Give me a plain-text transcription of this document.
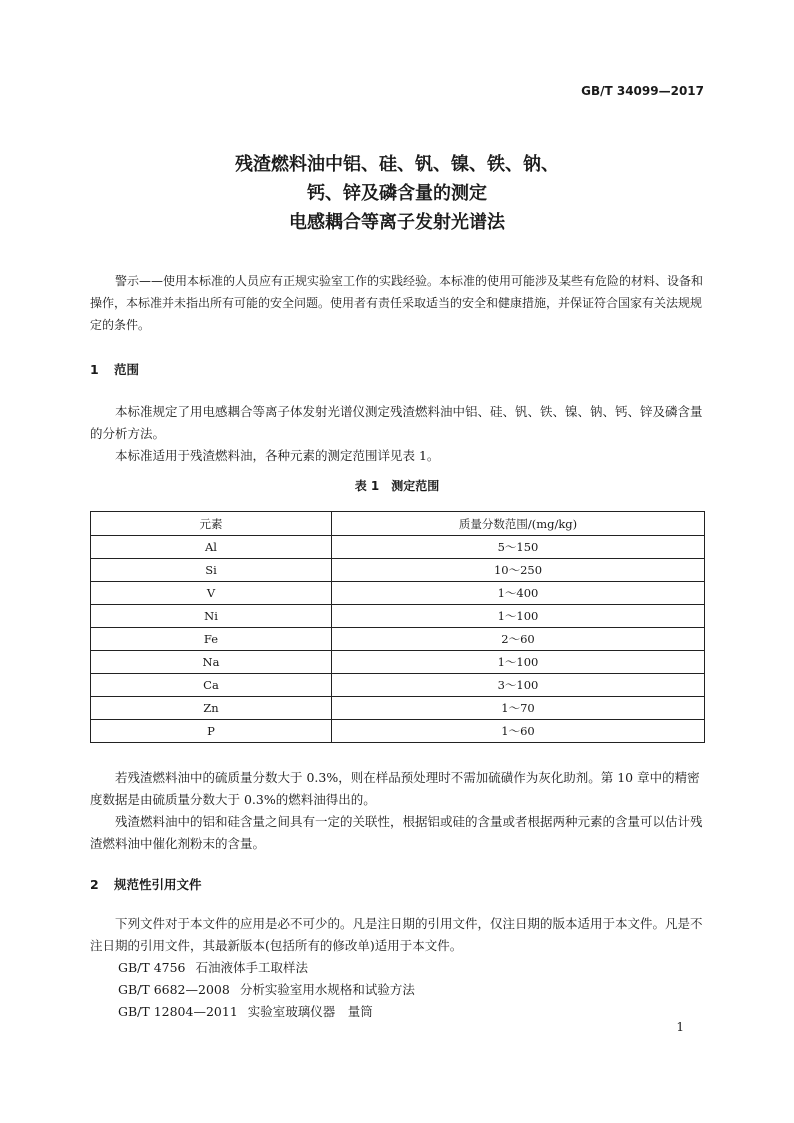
GB/T 34099—2017
残渣燃料油中铝、硅、钒、镍、铁、钠、
钙、锌及磷含量的测定
电感耦合等离子发射光谱法

警示——使用本标准的人员应有正规实验室工作的实践经验。本标准的使用可能涉及某些有危险的材料、设备和操作，本标准并未指出所有可能的安全问题。使用者有责任采取适当的安全和健康措施，并保证符合国家有关法规规定的条件。

1 范围

本标准规定了用电感耦合等离子体发射光谱仪测定残渣燃料油中铝、硅、钒、铁、镍、钠、钙、锌及磷含量的分析方法。

本标准适用于残渣燃料油，各种元素的测定范围详见表 1。

表 1　测定范围
元素	质量分数范围/(mg/kg)
Al	5～150
Si	10～250
V	1～400
Ni	1～100
Fe	2～60
Na	1～100
Ca	3～100
Zn	1～70
P	1～60

若残渣燃料油中的硫质量分数大于 0.3%，则在样品预处理时不需加硫磺作为灰化助剂。第 10 章中的精密度数据是由硫质量分数大于 0.3%的燃料油得出的。

残渣燃料油中的铝和硅含量之间具有一定的关联性，根据铝或硅的含量或者根据两种元素的含量可以估计残渣燃料油中催化剂粉末的含量。

2 规范性引用文件

下列文件对于本文件的应用是必不可少的。凡是注日期的引用文件，仅注日期的版本适用于本文件。凡是不注日期的引用文件，其最新版本(包括所有的修改单)适用于本文件。

GB/T 4756 石油液体手工取样法
GB/T 6682—2008 分析实验室用水规格和试验方法
GB/T 12804—2011 实验室玻璃仪器　量筒
1
